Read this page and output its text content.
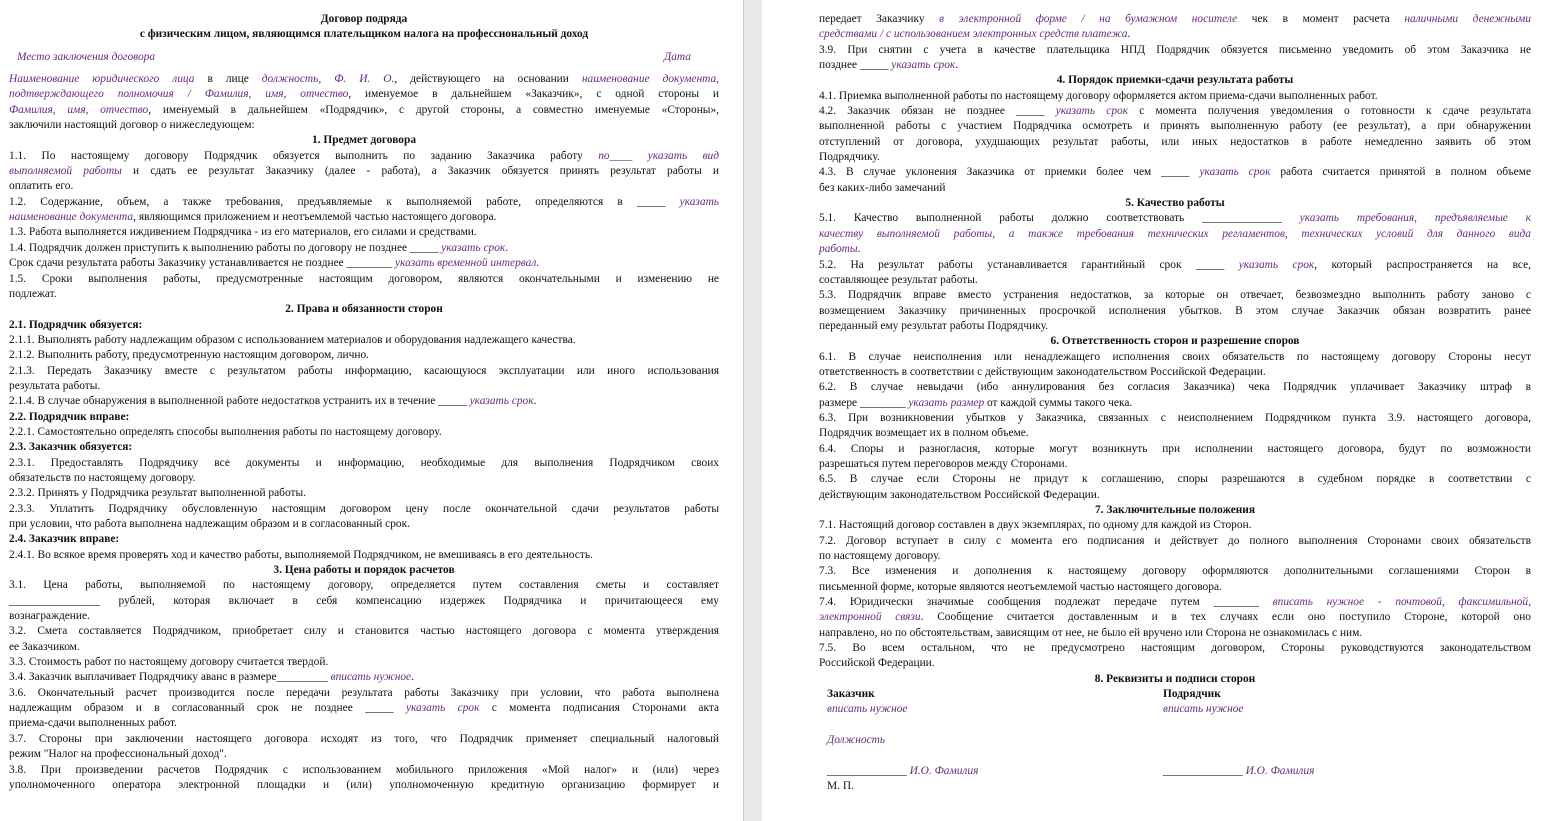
Договор подряда
с физическим лицом, являющимся плательщиком налога на профессиональный доход
Место заключения договора	Дата
Наименование юридического лица в лице должность, Ф. И. О., действующего на основании наименование документа,
подтверждающего полномочия / Фамилия, имя, отчество, именуемое в дальнейшем «Заказчик», с одной стороны и
Фамилия, имя, отчество, именуемый в дальнейшем «Подрядчик», с другой стороны, а совместно именуемые «Стороны»,
заключили настоящий договор о нижеследующем:
1. Предмет договора
1.1. По настоящему договору Подрядчик обязуется выполнить по заданию Заказчика работу по____ указать вид
выполняемой работы и сдать ее результат Заказчику (далее - работа), а Заказчик обязуется принять результат работы и
оплатить его.
1.2. Содержание, объем, а также требования, предъявляемые к выполняемой работе, определяются в _____ указать
наименование документа, являющимся приложением и неотъемлемой частью настоящего договора.
1.3. Работа выполняется иждивением Подрядчика - из его материалов, его силами и средствами.
1.4. Подрядчик должен приступить к выполнению работы по договору не позднее _____ указать срок.
Срок сдачи результата работы Заказчику устанавливается не позднее ________ указать временной интервал.
1.5. Сроки выполнения работы, предусмотренные настоящим договором, являются окончательными и изменению не
подлежат.
2. Права и обязанности сторон
2.1. Подрядчик обязуется:
2.1.1. Выполнять работу надлежащим образом с использованием материалов и оборудования надлежащего качества.
2.1.2. Выполнить работу, предусмотренную настоящим договором, лично.
2.1.3. Передать Заказчику вместе с результатом работы информацию, касающуюся эксплуатации или иного использования
результата работы.
2.1.4. В случае обнаружения в выполненной работе недостатков устранить их в течение _____ указать срок.
2.2. Подрядчик вправе:
2.2.1. Самостоятельно определять способы выполнения работы по настоящему договору.
2.3. Заказчик обязуется:
2.3.1. Предоставлять Подрядчику все документы и информацию, необходимые для выполнения Подрядчиком своих
обязательств по настоящему договору.
2.3.2. Принять у Подрядчика результат выполненной работы.
2.3.3. Уплатить Подрядчику обусловленную настоящим договором цену после окончательной сдачи результатов работы
при условии, что работа выполнена надлежащим образом и в согласованный срок.
2.4. Заказчик вправе:
2.4.1. Во всякое время проверять ход и качество работы, выполняемой Подрядчиком, не вмешиваясь в его деятельность.
3. Цена работы и порядок расчетов
3.1. Цена работы, выполняемой по настоящему договору, определяется путем составления сметы и составляет
________________ рублей, которая включает в себя компенсацию издержек Подрядчика и причитающееся ему
вознаграждение.
3.2. Смета составляется Подрядчиком, приобретает силу и становится частью настоящего договора с момента утверждения
ее Заказчиком.
3.3. Стоимость работ по настоящему договору считается твердой.
3.4. Заказчик выплачивает Подрядчику аванс в размере_________ вписать нужное.
3.6. Окончательный расчет производится после передачи результата работы Заказчику при условии, что работа выполнена
надлежащим образом и в согласованный срок не позднее _____ указать срок с момента подписания Сторонами акта
приема-сдачи выполненных работ.
3.7. Стороны при заключении настоящего договора исходят из того, что Подрядчик применяет специальный налоговый
режим "Налог на профессиональный доход".
3.8. При произведении расчетов Подрядчик с использованием мобильного приложения «Мой налог» и (или) через
уполномоченного оператора электронной площадки и (или) уполномоченную кредитную организацию формирует и
передает Заказчику в электронной форме / на бумажном носителе чек в момент расчета наличными денежными
средствами / с использованием электронных средств платежа.
3.9. При снятии с учета в качестве плательщика НПД Подрядчик обязуется письменно уведомить об этом Заказчика не
позднее _____ указать срок.
4. Порядок приемки-сдачи результата работы
4.1. Приемка выполненной работы по настоящему договору оформляется актом приема-сдачи выполненных работ.
4.2. Заказчик обязан не позднее _____ указать срок с момента получения уведомления о готовности к сдаче результата
выполненной работы с участием Подрядчика осмотреть и принять выполненную работу (ее результат), а при обнаружении
отступлений от договора, ухудшающих результат работы, или иных недостатков в работе немедленно заявить об этом
Подрядчику.
4.3. В случае уклонения Заказчика от приемки более чем _____ указать срок работа считается принятой в полном объеме
без каких-либо замечаний
5. Качество работы
5.1. Качество выполненной работы должно соответствовать ______________ указать требования, предъявляемые к
качеству выполняемой работы, а также требования технических регламентов, технических условий для данного вида
работы.
5.2. На результат работы устанавливается гарантийный срок _____ указать срок, который распространяется на все,
составляющее результат работы.
5.3. Подрядчик вправе вместо устранения недостатков, за которые он отвечает, безвозмездно выполнить работу заново с
возмещением Заказчику причиненных просрочкой исполнения убытков. В этом случае Заказчик обязан возвратить ранее
переданный ему результат работы Подрядчику.
6. Ответственность сторон и разрешение споров
6.1. В случае неисполнения или ненадлежащего исполнения своих обязательств по настоящему договору Стороны несут
ответственность в соответствии с действующим законодательством Российской Федерации.
6.2. В случае невыдачи (ибо аннулирования без согласия Заказчика) чека Подрядчик уплачивает Заказчику штраф в
размере ________ указать размер от каждой суммы такого чека.
6.3. При возникновении убытков у Заказчика, связанных с неисполнением Подрядчиком пункта 3.9. настоящего договора,
Подрядчик возмещает их в полном объеме.
6.4. Споры и разногласия, которые могут возникнуть при исполнении настоящего договора, будут по возможности
разрешаться путем переговоров между Сторонами.
6.5. В случае если Стороны не придут к соглашению, споры разрешаются в судебном порядке в соответствии с
действующим законодательством Российской Федерации.
7. Заключительные положения
7.1. Настоящий договор составлен в двух экземплярах, по одному для каждой из Сторон.
7.2. Договор вступает в силу с момента его подписания и действует до полного выполнения Сторонами своих обязательств
по настоящему договору.
7.3. Все изменения и дополнения к настоящему договору оформляются дополнительными соглашениями Сторон в
письменной форме, которые являются неотъемлемой частью настоящего договора.
7.4. Юридически значимые сообщения подлежат передаче путем ________ вписать нужное - почтовой, факсимильной,
электронной связи. Сообщение считается доставленным и в тех случаях если оно поступило Стороне, которой оно
направлено, но по обстоятельствам, зависящим от нее, не было ей вручено или Сторона не ознакомилась с ним.
7.5. Во всем остальном, что не предусмотрено настоящим договором, Стороны руководствуются законодательством
Российской Федерации.
8. Реквизиты и подписи сторон
Заказчик	Подрядчик
вписать нужное	вписать нужное
Должность
______________ И.О. Фамилия	______________ И.О. Фамилия
М. П.
